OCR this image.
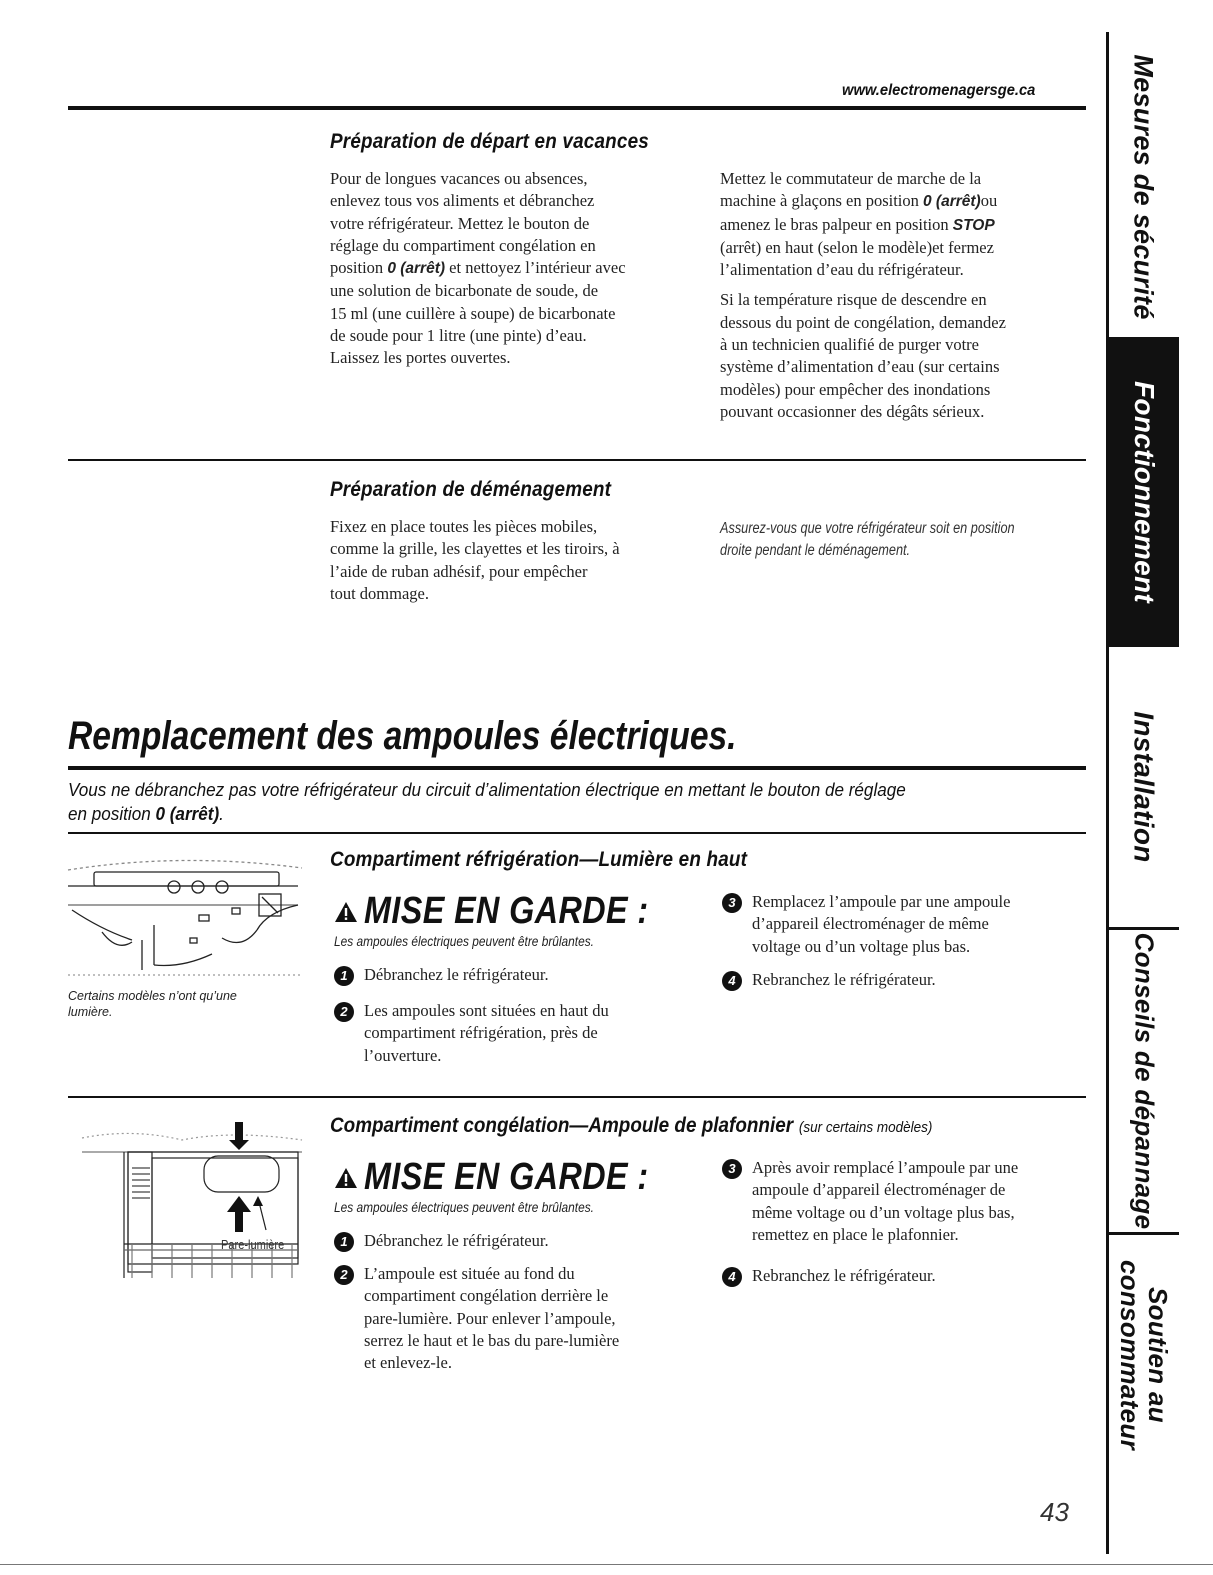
www.electromenagersge.ca
Préparation de départ en vacances
Pour de longues vacances ou absences,
enlevez tous vos aliments et débranchez
votre réfrigérateur. Mettez le bouton de
réglage du compartiment congélation en
position 0 (arrêt) et nettoyez l’intérieur avec
une solution de bicarbonate de soude, de
15 ml (une cuillère à soupe) de bicarbonate
de soude pour 1 litre (une pinte) d’eau.
Laissez les portes ouvertes.
Mettez le commutateur de marche de la
machine à glaçons en position 0 (arrêt)ou
amenez le bras palpeur en position STOP
(arrêt) en haut (selon le modèle)et fermez
l’alimentation d’eau du réfrigérateur.
Si la température risque de descendre en
dessous du point de congélation, demandez
à un technicien qualifié de purger votre
système d’alimentation d’eau (sur certains
modèles) pour empêcher des inondations
pouvant occasionner des dégâts sérieux.
Préparation de déménagement
Fixez en place toutes les pièces mobiles,
comme la grille, les clayettes et les tiroirs, à
l’aide de ruban adhésif, pour empêcher
tout dommage.
Assurez-vous que votre réfrigérateur soit en position
droite pendant le déménagement.
Remplacement des ampoules électriques.
Vous ne débranchez pas votre réfrigérateur du circuit d’alimentation électrique en mettant le bouton de réglage
en position 0 (arrêt).
Compartiment réfrigération—Lumière en haut
Certains modèles n’ont qu’une
lumière.
MISE EN GARDE :
Les ampoules électriques peuvent être brûlantes.
1 Débranchez le réfrigérateur.
2 Les ampoules sont situées en haut du
compartiment réfrigération, près de
l’ouverture.
3 Remplacez l’ampoule par une ampoule
d’appareil électroménager de même
voltage ou d’un voltage plus bas.
4 Rebranchez le réfrigérateur.
Compartiment congélation—Ampoule de plafonnier (sur certains modèles)
Pare-lumière
MISE EN GARDE :
Les ampoules électriques peuvent être brûlantes.
1 Débranchez le réfrigérateur.
2 L’ampoule est située au fond du
compartiment congélation derrière le
pare-lumière. Pour enlever l’ampoule,
serrez le haut et le bas du pare-lumière
et enlevez-le.
3 Après avoir remplacé l’ampoule par une
ampoule d’appareil électroménager de
même voltage ou d’un voltage plus bas,
remettez en place le plafonnier.
4 Rebranchez le réfrigérateur.
43
Mesures de sécurité
Fonctionnement
Installation
Conseils de dépannage
Soutien au
consommateur
